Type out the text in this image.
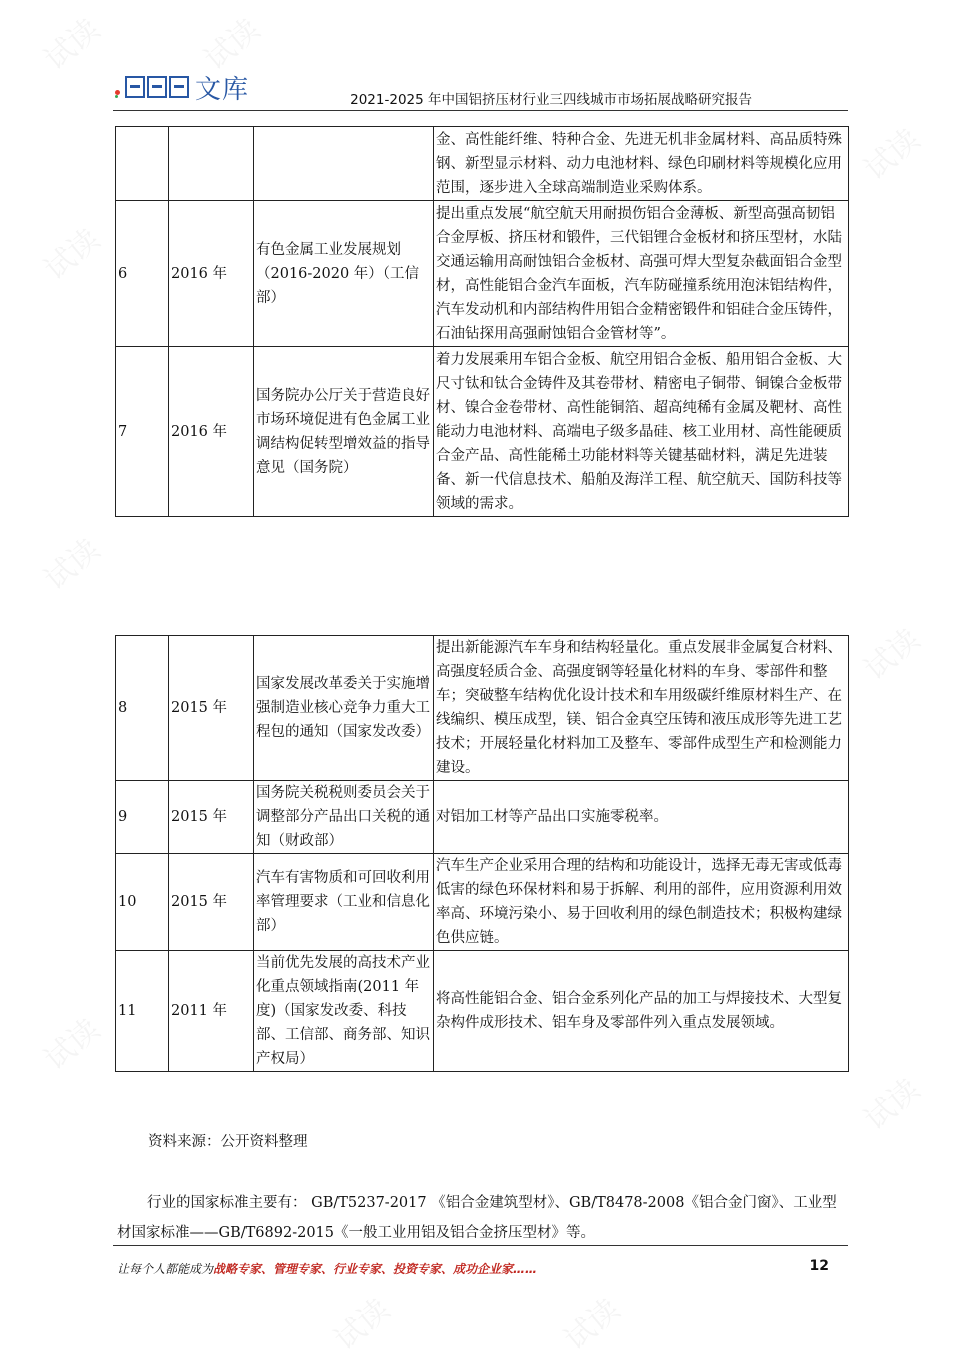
试读	试读
试读
试读
试读
试读
试读
试读
试读	试读
文库	2021-2025 年中国铝挤压材行业三四线城市市场拓展战略研究报告
			金、高性能纤维、特种合金、先进无机非金属材料、高品质特殊钢、新型显示材料、动力电池材料、绿色印刷材料等规模化应用范围，逐步进入全球高端制造业采购体系。
6	2016 年	有色金属工业发展规划（2016-2020 年）（工信部）	提出重点发展“航空航天用耐损伤铝合金薄板、新型高强高韧铝合金厚板、挤压材和锻件，三代铝锂合金板材和挤压型材，水陆交通运输用高耐蚀铝合金板材、高强可焊大型复杂截面铝合金型材，高性能铝合金汽车面板，汽车防碰撞系统用泡沫铝结构件，汽车发动机和内部结构件用铝合金精密锻件和铝硅合金压铸件，石油钻探用高强耐蚀铝合金管材等”。
7	2016 年	国务院办公厅关于营造良好市场环境促进有色金属工业调结构促转型增效益的指导意见（国务院）	着力发展乘用车铝合金板、航空用铝合金板、船用铝合金板、大尺寸钛和钛合金铸件及其卷带材、精密电子铜带、铜镍合金板带材、镍合金卷带材、高性能铜箔、超高纯稀有金属及靶材、高性能动力电池材料、高端电子级多晶硅、核工业用材、高性能硬质合金产品、高性能稀土功能材料等关键基础材料，满足先进装备、新一代信息技术、船舶及海洋工程、航空航天、国防科技等领域的需求。
8	2015 年	国家发展改革委关于实施增强制造业核心竞争力重大工程包的通知（国家发改委）	提出新能源汽车车身和结构轻量化。重点发展非金属复合材料、高强度轻质合金、高强度钢等轻量化材料的车身、零部件和整车；突破整车结构优化设计技术和车用级碳纤维原材料生产、在线编织、模压成型，镁、铝合金真空压铸和液压成形等先进工艺技术；开展轻量化材料加工及整车、零部件成型生产和检测能力建设。
9	2015 年	国务院关税税则委员会关于调整部分产品出口关税的通知（财政部）	对铝加工材等产品出口实施零税率。
10	2015 年	汽车有害物质和可回收利用率管理要求（工业和信息化部）	汽车生产企业采用合理的结构和功能设计，选择无毒无害或低毒低害的绿色环保材料和易于拆解、利用的部件，应用资源利用效率高、环境污染小、易于回收利用的绿色制造技术；积极构建绿色供应链。
11	2011 年	当前优先发展的高技术产业化重点领域指南(2011 年度)（国家发改委、科技部、工信部、商务部、知识产权局）	将高性能铝合金、铝合金系列化产品的加工与焊接技术、大型复杂构件成形技术、铝车身及零部件列入重点发展领域。
资料来源：公开资料整理
行业的国家标准主要有： GB/T5237-2017 《铝合金建筑型材》、GB/T8478-2008《铝合金门窗》、工业型材国家标准——GB/T6892-2015《一般工业用铝及铝合金挤压型材》等。
让每个人都能成为战略专家、管理专家、行业专家、投资专家、成功企业家……	12
